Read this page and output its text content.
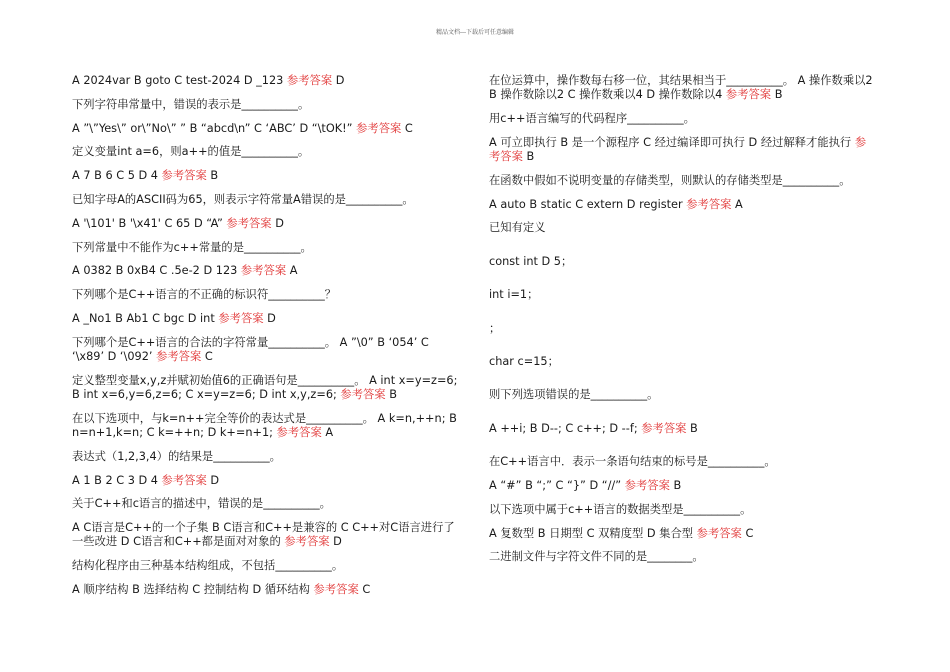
精品文档---下载后可任意编辑
A 2024var B goto C test-2024 D _123 参考答案 D
下列字符串常量中，错误的表示是__________。
A ”\”Yes\” or\”No\” ” B “abcd\n” C ‘ABC’ D “\tOK!” 参考答案 C
定义变量int a=6，则a++的值是__________。
A 7 B 6 C 5 D 4 参考答案 B
已知字母A的ASCII码为65，则表示字符常量A错误的是__________。
A '\101' B '\x41' C 65 D “A” 参考答案 D
下列常量中不能作为c++常量的是__________。
A 0382 B 0xB4 C .5e-2 D 123 参考答案 A
下列哪个是C++语言的不正确的标识符__________？
A _No1 B Ab1 C bgc D int 参考答案 D
下列哪个是C++语言的合法的字符常量__________。 A ”\0” B ‘054’ C ‘\x89’ D ‘\092’ 参考答案 C
定义整型变量x,y,z并赋初始值6的正确语句是__________。 A int x=y=z=6; B int x=6,y=6,z=6; C x=y=z=6; D int x,y,z=6; 参考答案 B
在以下选项中，与k=n++完全等价的表达式是__________。 A k=n,++n; B n=n+1,k=n; C k=++n; D k+=n+1; 参考答案 A
表达式（1,2,3,4）的结果是__________。
A 1 B 2 C 3 D 4 参考答案 D
关于C++和c语言的描述中，错误的是__________。
A C语言是C++的一个子集 B C语言和C++是兼容的 C C++对C语言进行了一些改进 D C语言和C++都是面对对象的 参考答案 D
结构化程序由三种基本结构组成，不包括__________。
A 顺序结构 B 选择结构 C 控制结构 D 循环结构 参考答案 C
在位运算中，操作数每右移一位，其结果相当于__________。 A 操作数乘以2 B 操作数除以2 C 操作数乘以4 D 操作数除以4 参考答案 B
用c++语言编写的代码程序__________。
A 可立即执行 B 是一个源程序 C 经过编译即可执行 D 经过解释才能执行 参考答案 B
在函数中假如不说明变量的存储类型，则默认的存储类型是__________。
A auto B static C extern D register 参考答案 A
已知有定义
const int D 5；
int i=1；
；
char c=15；
则下列选项错误的是__________。
A ++i; B D--; C c++; D --f; 参考答案 B
在C++语言中．表示一条语句结束的标号是__________。
A “#” B “;” C “}” D “//” 参考答案 B
以下选项中属于c++语言的数据类型是__________。
A 复数型 B 日期型 C 双精度型 D 集合型 参考答案 C
二进制文件与字符文件不同的是________。
